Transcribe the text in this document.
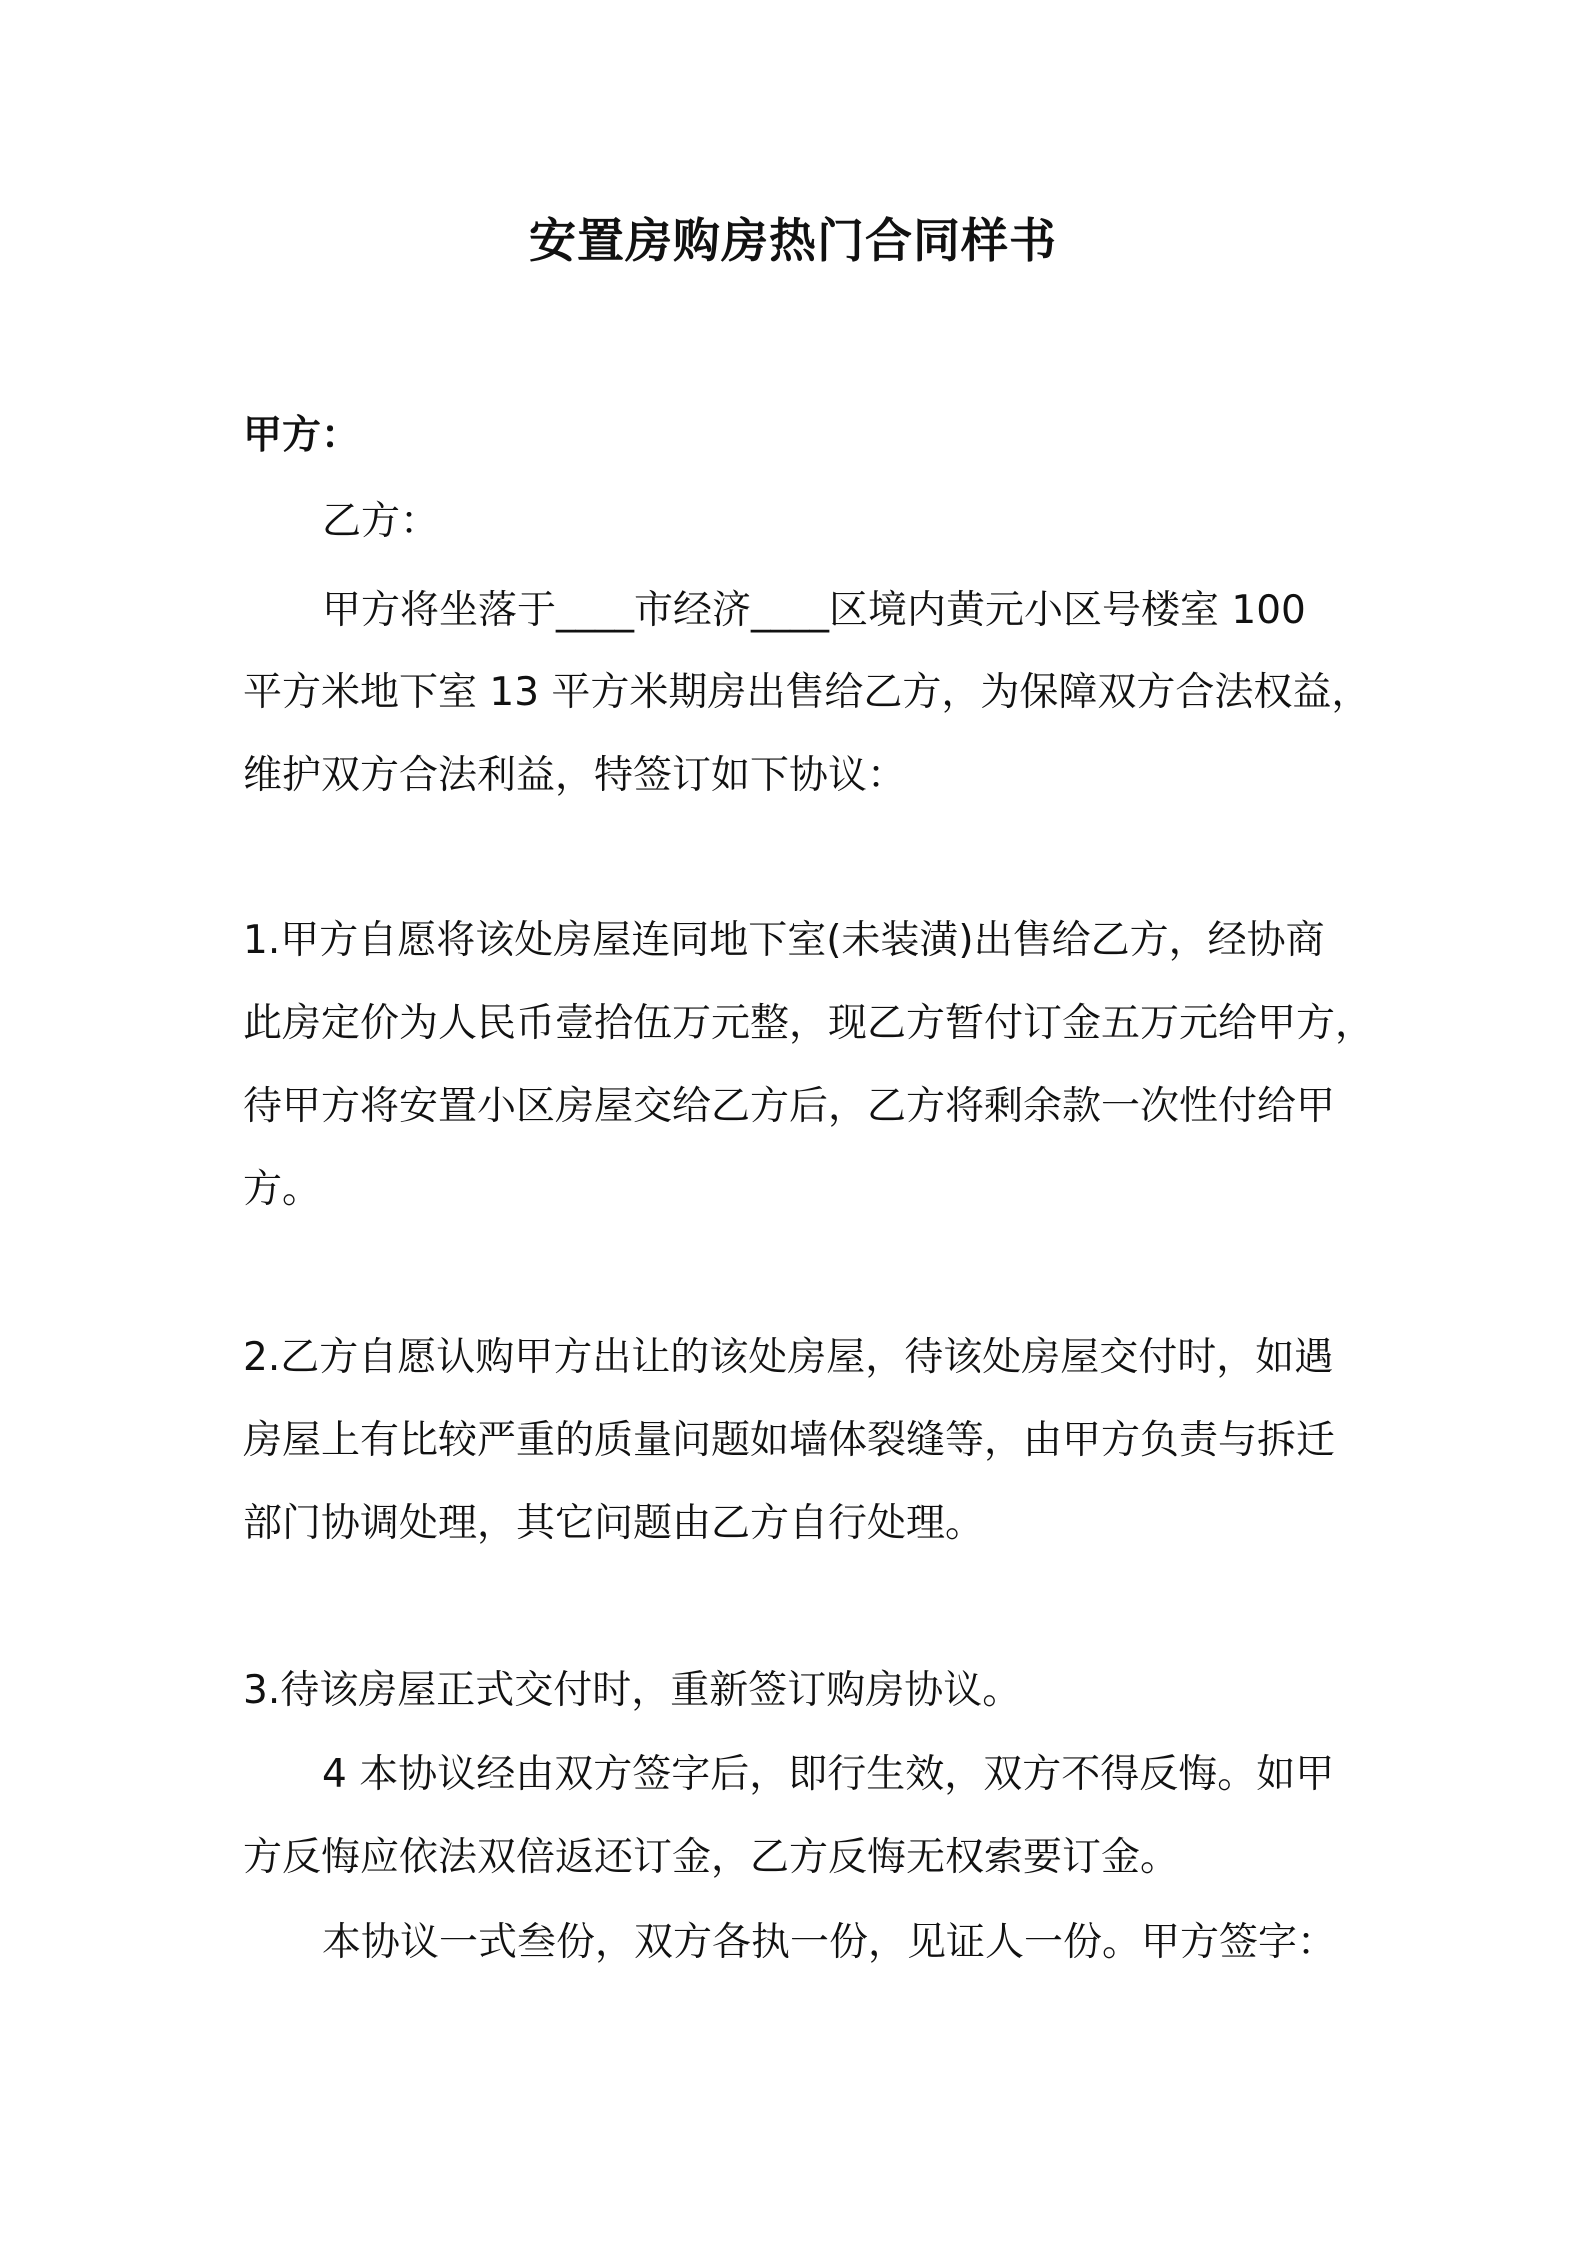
安置房购房热门合同样书
甲方：
乙方：
甲方将坐落于____市经济____区境内黄元小区号楼室 100
平方米地下室 13 平方米期房出售给乙方，为保障双方合法权益，
维护双方合法利益，特签订如下协议：
1.甲方自愿将该处房屋连同地下室(未装潢)出售给乙方，经协商
此房定价为人民币壹拾伍万元整，现乙方暂付订金五万元给甲方，
待甲方将安置小区房屋交给乙方后，乙方将剩余款一次性付给甲
方。
2.乙方自愿认购甲方出让的该处房屋，待该处房屋交付时，如遇
房屋上有比较严重的质量问题如墙体裂缝等，由甲方负责与拆迁
部门协调处理，其它问题由乙方自行处理。
3.待该房屋正式交付时，重新签订购房协议。
4 本协议经由双方签字后，即行生效，双方不得反悔。如甲
方反悔应依法双倍返还订金，乙方反悔无权索要订金。
本协议一式叁份，双方各执一份，见证人一份。甲方签字：
